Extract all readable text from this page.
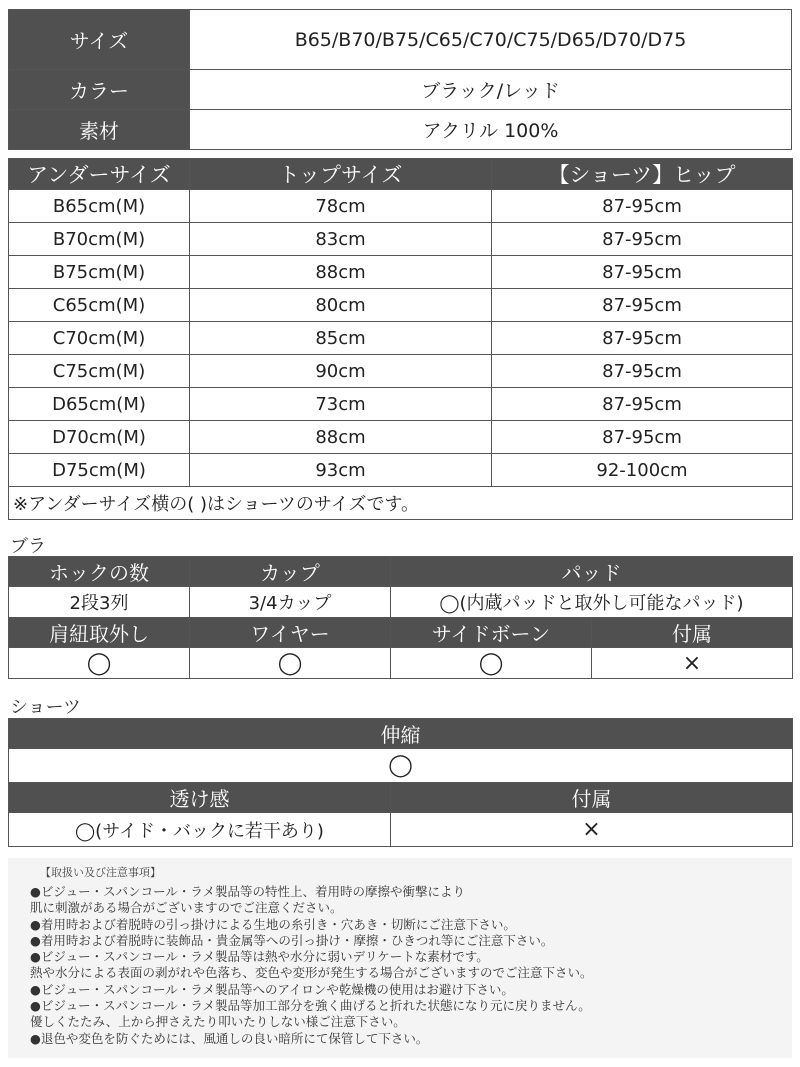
サイズ	B65/B70/B75/C65/C70/C75/D65/D70/D75
カラー	ブラック/レッド
素材	アクリル 100%
アンダーサイズ	トップサイズ	【ショーツ】ヒップ
B65cm(M)	78cm	87-95cm
B70cm(M)	83cm	87-95cm
B75cm(M)	88cm	87-95cm
C65cm(M)	80cm	87-95cm
C70cm(M)	85cm	87-95cm
C75cm(M)	90cm	87-95cm
D65cm(M)	73cm	87-95cm
D70cm(M)	88cm	87-95cm
D75cm(M)	93cm	92-100cm
※アンダーサイズ横の( )はショーツのサイズです。		
ブラ
ホックの数	カップ	パッド	
2段3列	3/4カップ	◯(内蔵パッドと取外し可能なパッド)	
肩紐取外し	ワイヤー	サイドボーン	付属
◯	◯	◯	×
ショーツ
伸縮	
◯	
透け感	付属
◯(サイド・バックに若干あり)	×
【取扱い及び注意事項】
●ビジュー・スパンコール・ラメ製品等の特性上、着用時の摩擦や衝撃により
肌に刺激がある場合がございますのでご注意ください。
●着用時および着脱時の引っ掛けによる生地の糸引き・穴あき・切断にご注意下さい。
●着用時および着脱時に装飾品・貴金属等への引っ掛け・摩擦・ひきつれ等にご注意下さい。
●ビジュー・スパンコール・ラメ製品等は熱や水分に弱いデリケートな素材です。
熱や水分による表面の剥がれや色落ち、変色や変形が発生する場合がございますのでご注意下さい。
●ビジュー・スパンコール・ラメ製品等へのアイロンや乾燥機の使用はお避け下さい。
●ビジュー・スパンコール・ラメ製品等加工部分を強く曲げると折れた状態になり元に戻りません。
優しくたたみ、上から押さえたり叩いたりしない様ご注意下さい。
●退色や変色を防ぐためには、風通しの良い暗所にて保管して下さい。
